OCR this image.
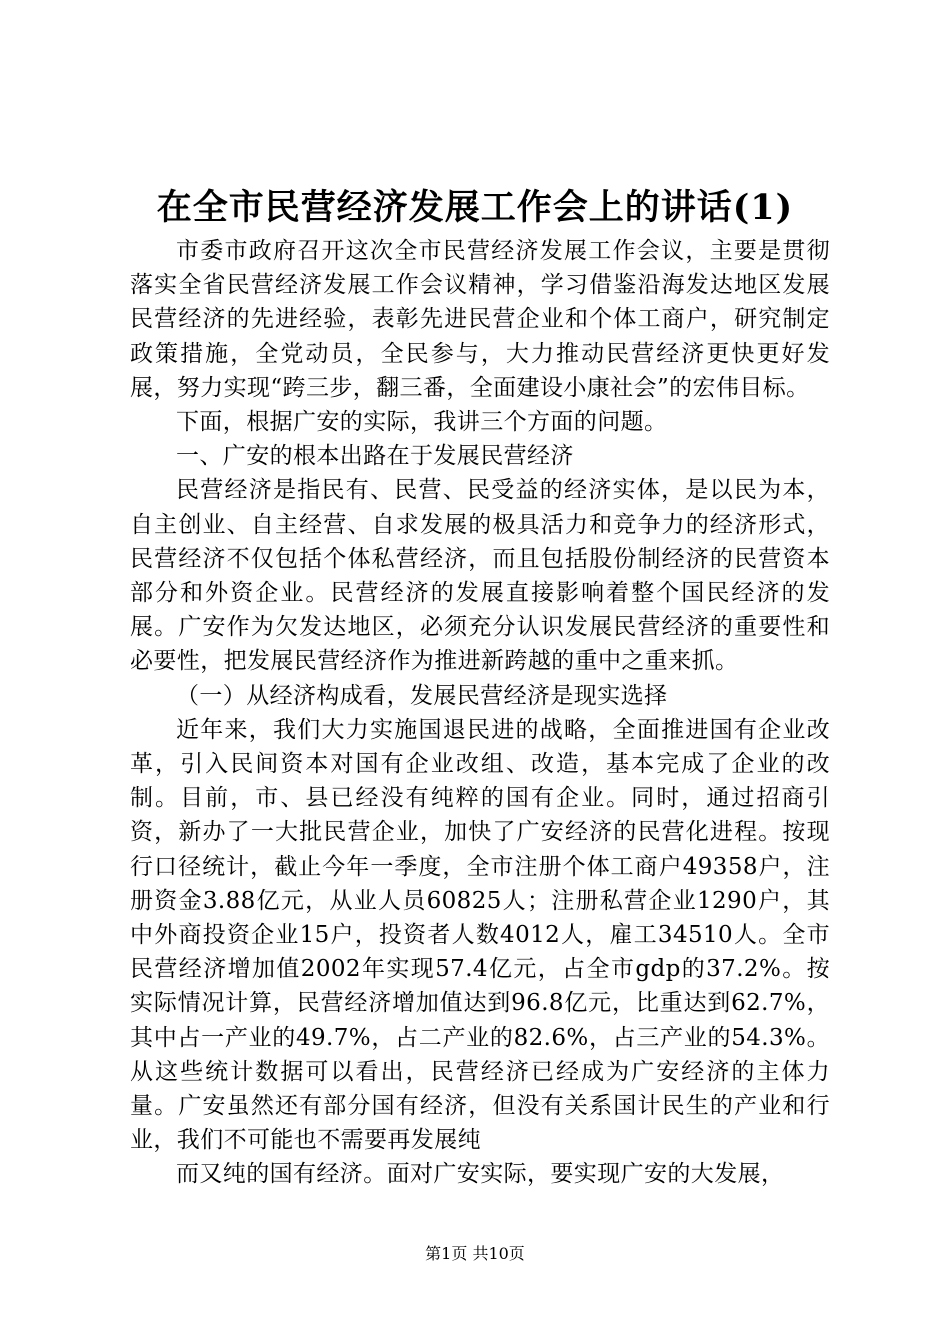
在全市民营经济发展工作会上的讲话(1)

市委市政府召开这次全市民营经济发展工作会议，主要是贯彻落实全省民营经济发展工作会议精神，学习借鉴沿海发达地区发展民营经济的先进经验，表彰先进民营企业和个体工商户，研究制定政策措施，全党动员，全民参与，大力推动民营经济更快更好发展，努力实现“跨三步，翻三番，全面建设小康社会”的宏伟目标。

下面，根据广安的实际，我讲三个方面的问题。

一、广安的根本出路在于发展民营经济

民营经济是指民有、民营、民受益的经济实体，是以民为本，自主创业、自主经营、自求发展的极具活力和竞争力的经济形式，民营经济不仅包括个体私营经济，而且包括股份制经济的民营资本部分和外资企业。民营经济的发展直接影响着整个国民经济的发展。广安作为欠发达地区，必须充分认识发展民营经济的重要性和必要性，把发展民营经济作为推进新跨越的重中之重来抓。

（一）从经济构成看，发展民营经济是现实选择

近年来，我们大力实施国退民进的战略，全面推进国有企业改革，引入民间资本对国有企业改组、改造，基本完成了企业的改制。目前，市、县已经没有纯粹的国有企业。同时，通过招商引资，新办了一大批民营企业，加快了广安经济的民营化进程。按现行口径统计，截止今年一季度，全市注册个体工商户49358户，注册资金3.88亿元，从业人员60825人；注册私营企业1290户，其中外商投资企业15户，投资者人数4012人，雇工34510人。全市民营经济增加值2002年实现57.4亿元，占全市gdp的37.2%。按实际情况计算，民营经济增加值达到96.8亿元，比重达到62.7%，其中占一产业的49.7%，占二产业的82.6%，占三产业的54.3%。从这些统计数据可以看出，民营经济已经成为广安经济的主体力量。广安虽然还有部分国有经济，但没有关系国计民生的产业和行业，我们不可能也不需要再发展纯

而又纯的国有经济。面对广安实际，要实现广安的大发展，

第1页 共10页
